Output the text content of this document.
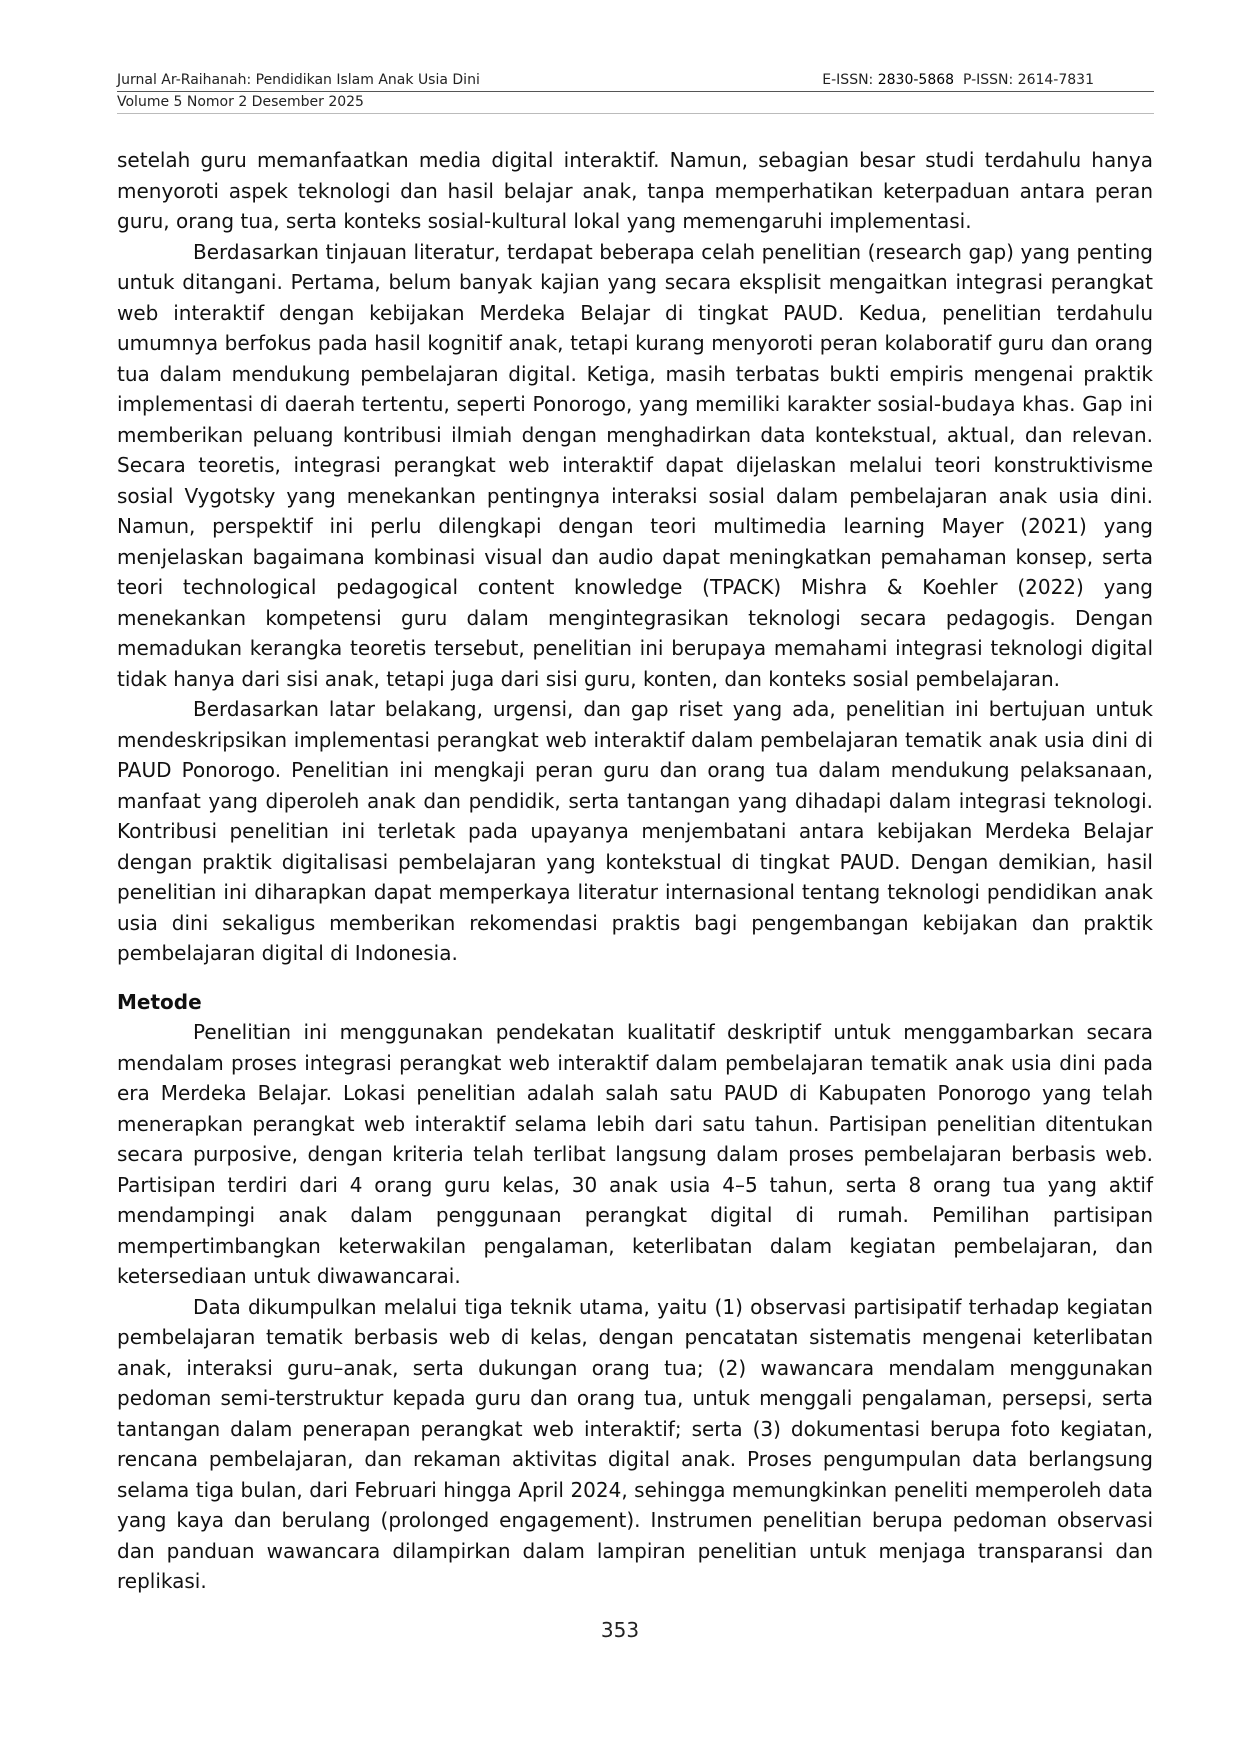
Jurnal Ar-Raihanah: Pendidikan Islam Anak Usia Dini	E-ISSN: 2830-5868  P-ISSN: 2614-7831
Volume 5 Nomor 2 Desember 2025

setelah guru memanfaatkan media digital interaktif. Namun, sebagian besar studi terdahulu hanya menyoroti aspek teknologi dan hasil belajar anak, tanpa memperhatikan keterpaduan antara peran guru, orang tua, serta konteks sosial-kultural lokal yang memengaruhi implementasi.

Berdasarkan tinjauan literatur, terdapat beberapa celah penelitian (research gap) yang penting untuk ditangani. Pertama, belum banyak kajian yang secara eksplisit mengaitkan integrasi perangkat web interaktif dengan kebijakan Merdeka Belajar di tingkat PAUD. Kedua, penelitian terdahulu umumnya berfokus pada hasil kognitif anak, tetapi kurang menyoroti peran kolaboratif guru dan orang tua dalam mendukung pembelajaran digital. Ketiga, masih terbatas bukti empiris mengenai praktik implementasi di daerah tertentu, seperti Ponorogo, yang memiliki karakter sosial-budaya khas. Gap ini memberikan peluang kontribusi ilmiah dengan menghadirkan data kontekstual, aktual, dan relevan. Secara teoretis, integrasi perangkat web interaktif dapat dijelaskan melalui teori konstruktivisme sosial Vygotsky yang menekankan pentingnya interaksi sosial dalam pembelajaran anak usia dini. Namun, perspektif ini perlu dilengkapi dengan teori multimedia learning Mayer (2021) yang menjelaskan bagaimana kombinasi visual dan audio dapat meningkatkan pemahaman konsep, serta teori technological pedagogical content knowledge (TPACK) Mishra & Koehler (2022) yang menekankan kompetensi guru dalam mengintegrasikan teknologi secara pedagogis. Dengan memadukan kerangka teoretis tersebut, penelitian ini berupaya memahami integrasi teknologi digital tidak hanya dari sisi anak, tetapi juga dari sisi guru, konten, dan konteks sosial pembelajaran.

Berdasarkan latar belakang, urgensi, dan gap riset yang ada, penelitian ini bertujuan untuk mendeskripsikan implementasi perangkat web interaktif dalam pembelajaran tematik anak usia dini di PAUD Ponorogo. Penelitian ini mengkaji peran guru dan orang tua dalam mendukung pelaksanaan, manfaat yang diperoleh anak dan pendidik, serta tantangan yang dihadapi dalam integrasi teknologi. Kontribusi penelitian ini terletak pada upayanya menjembatani antara kebijakan Merdeka Belajar dengan praktik digitalisasi pembelajaran yang kontekstual di tingkat PAUD. Dengan demikian, hasil penelitian ini diharapkan dapat memperkaya literatur internasional tentang teknologi pendidikan anak usia dini sekaligus memberikan rekomendasi praktis bagi pengembangan kebijakan dan praktik pembelajaran digital di Indonesia.

Metode

Penelitian ini menggunakan pendekatan kualitatif deskriptif untuk menggambarkan secara mendalam proses integrasi perangkat web interaktif dalam pembelajaran tematik anak usia dini pada era Merdeka Belajar. Lokasi penelitian adalah salah satu PAUD di Kabupaten Ponorogo yang telah menerapkan perangkat web interaktif selama lebih dari satu tahun. Partisipan penelitian ditentukan secara purposive, dengan kriteria telah terlibat langsung dalam proses pembelajaran berbasis web. Partisipan terdiri dari 4 orang guru kelas, 30 anak usia 4–5 tahun, serta 8 orang tua yang aktif mendampingi anak dalam penggunaan perangkat digital di rumah. Pemilihan partisipan mempertimbangkan keterwakilan pengalaman, keterlibatan dalam kegiatan pembelajaran, dan ketersediaan untuk diwawancarai.

Data dikumpulkan melalui tiga teknik utama, yaitu (1) observasi partisipatif terhadap kegiatan pembelajaran tematik berbasis web di kelas, dengan pencatatan sistematis mengenai keterlibatan anak, interaksi guru–anak, serta dukungan orang tua; (2) wawancara mendalam menggunakan pedoman semi-terstruktur kepada guru dan orang tua, untuk menggali pengalaman, persepsi, serta tantangan dalam penerapan perangkat web interaktif; serta (3) dokumentasi berupa foto kegiatan, rencana pembelajaran, dan rekaman aktivitas digital anak. Proses pengumpulan data berlangsung selama tiga bulan, dari Februari hingga April 2024, sehingga memungkinkan peneliti memperoleh data yang kaya dan berulang (prolonged engagement). Instrumen penelitian berupa pedoman observasi dan panduan wawancara dilampirkan dalam lampiran penelitian untuk menjaga transparansi dan replikasi.

353
